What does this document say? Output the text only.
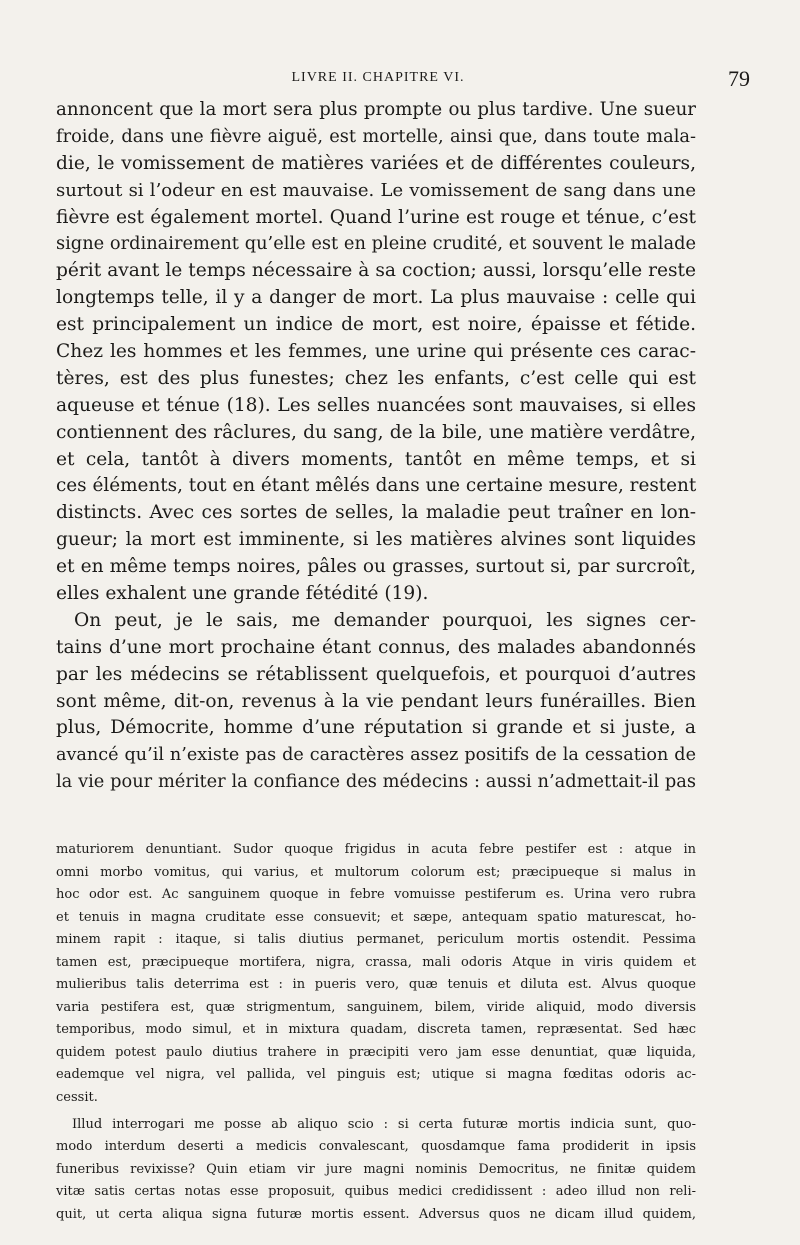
LIVRE II. CHAPITRE VI.	79

annoncent que la mort sera plus prompte ou plus tardive. Une sueur
froide, dans une fièvre aiguë, est mortelle, ainsi que, dans toute mala-
die, le vomissement de matières variées et de différentes couleurs,
surtout si l’odeur en est mauvaise. Le vomissement de sang dans une
fièvre est également mortel. Quand l’urine est rouge et ténue, c’est
signe ordinairement qu’elle est en pleine crudité, et souvent le malade
périt avant le temps nécessaire à sa coction; aussi, lorsqu’elle reste
longtemps telle, il y a danger de mort. La plus mauvaise : celle qui
est principalement un indice de mort, est noire, épaisse et fétide.
Chez les hommes et les femmes, une urine qui présente ces carac-
tères, est des plus funestes; chez les enfants, c’est celle qui est
aqueuse et ténue (18). Les selles nuancées sont mauvaises, si elles
contiennent des râclures, du sang, de la bile, une matière verdâtre,
et cela, tantôt à divers moments, tantôt en même temps, et si
ces éléments, tout en étant mêlés dans une certaine mesure, restent
distincts. Avec ces sortes de selles, la maladie peut traîner en lon-
gueur; la mort est imminente, si les matières alvines sont liquides
et en même temps noires, pâles ou grasses, surtout si, par surcroît,
elles exhalent une grande fétédité (19).

On peut, je le sais, me demander pourquoi, les signes cer-
tains d’une mort prochaine étant connus, des malades abandonnés
par les médecins se rétablissent quelquefois, et pourquoi d’autres
sont même, dit-on, revenus à la vie pendant leurs funérailles. Bien
plus, Démocrite, homme d’une réputation si grande et si juste, a
avancé qu’il n’existe pas de caractères assez positifs de la cessation de
la vie pour mériter la confiance des médecins : aussi n’admettait-il pas

maturiorem denuntiant. Sudor quoque frigidus in acuta febre pestifer est : atque in
omni morbo vomitus, qui varius, et multorum colorum est; præcipueque si malus in
hoc odor est. Ac sanguinem quoque in febre vomuisse pestiferum es. Urina vero rubra
et tenuis in magna cruditate esse consuevit; et sæpe, antequam spatio maturescat, ho-
minem rapit : itaque, si talis diutius permanet, periculum mortis ostendit. Pessima
tamen est, præcipueque mortifera, nigra, crassa, mali odoris Atque in viris quidem et
mulieribus talis deterrima est : in pueris vero, quæ tenuis et diluta est. Alvus quoque
varia pestifera est, quæ strigmentum, sanguinem, bilem, viride aliquid, modo diversis
temporibus, modo simul, et in mixtura quadam, discreta tamen, repræsentat. Sed hæc
quidem potest paulo diutius trahere in præcipiti vero jam esse denuntiat, quæ liquida,
eademque vel nigra, vel pallida, vel pinguis est; utique si magna fœditas odoris ac-
cessit.
Illud interrogari me posse ab aliquo scio : si certa futuræ mortis indicia sunt, quo-
modo interdum deserti a medicis convalescant, quosdamque fama prodiderit in ipsis
funeribus revixisse? Quin etiam vir jure magni nominis Democritus, ne finitæ quidem
vitæ satis certas notas esse proposuit, quibus medici credidissent : adeo illud non reli-
quit, ut certa aliqua signa futuræ mortis essent. Adversus quos ne dicam illud quidem,
